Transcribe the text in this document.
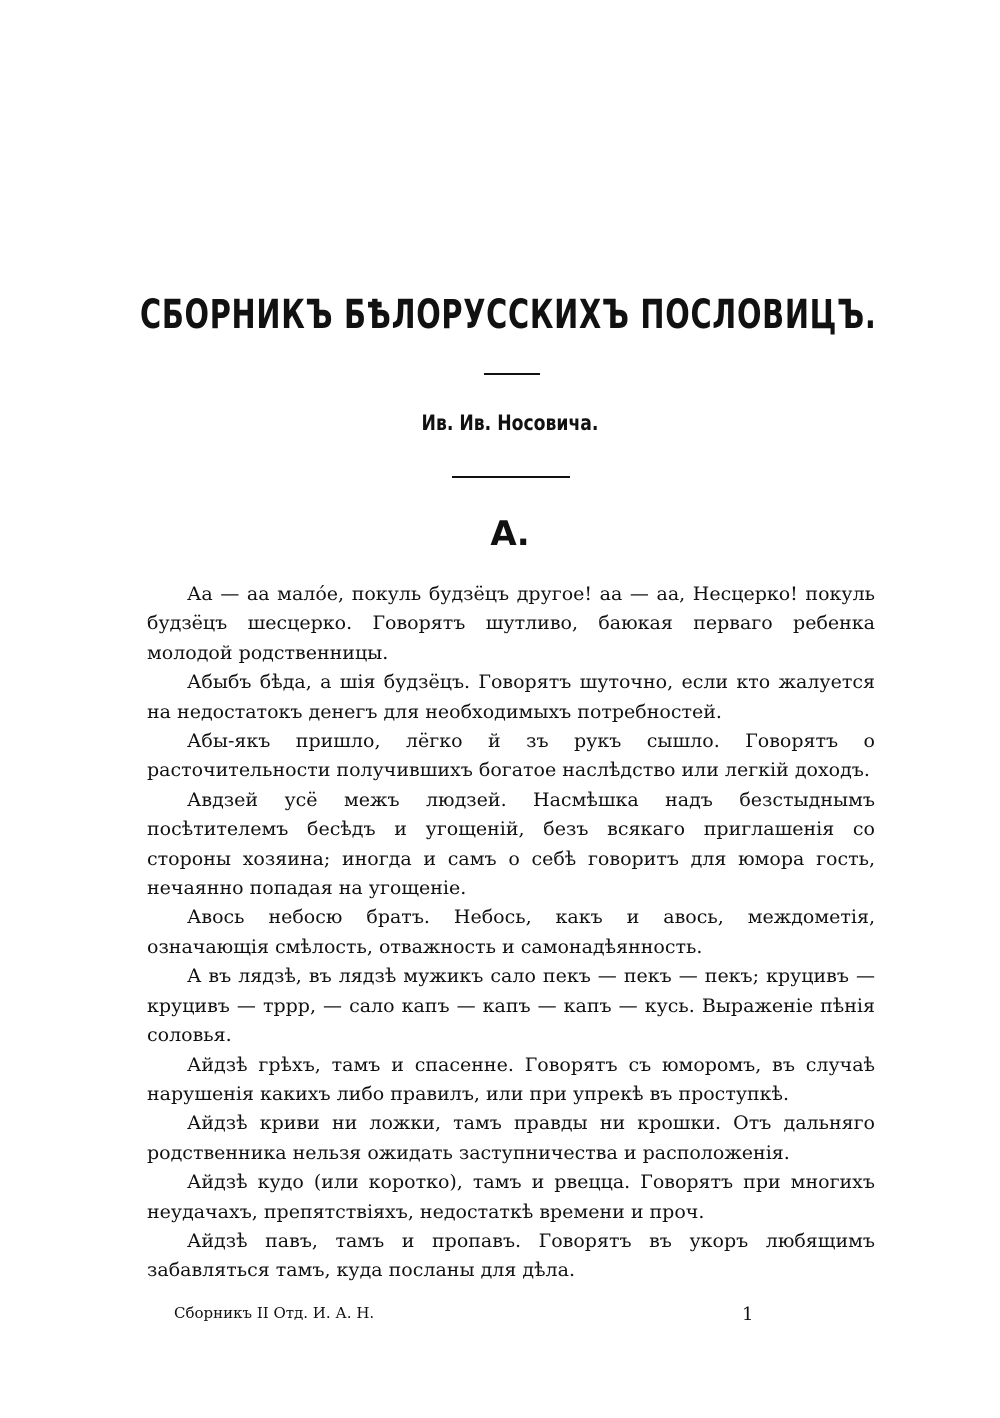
СБОРНИКЪ БѢЛОРУССКИХЪ ПОСЛОВИЦЪ.
Ив. Ив. Носовича.
А.

Аа — аа малóе, покуль будзёцъ другое! аа — аа, Несцерко! покуль будзёцъ шесцерко. Говорятъ шутливо, баюкая перваго ребенка молодой родственницы.

Абыбъ бѣда, а шія будзёцъ. Говорятъ шуточно, если кто жалуется на недостатокъ денегъ для необходимыхъ потребностей.

Абы-якъ пришло, лёгко й зъ рукъ сышло. Говорятъ о расточительности получившихъ богатое наслѣдство или легкій доходъ.

Авдзей усё межъ людзей. Насмѣшка надъ безстыднымъ посѣтителемъ бесѣдъ и угощеній, безъ всякаго приглашенія со стороны хозяина; иногда и самъ о себѣ говоритъ для юмора гость, нечаянно попадая на угощеніе.

Авось небосю братъ. Небось, какъ и авось, междометія, означающія смѣлость, отважность и самонадѣянность.

А въ лядзѣ, въ лядзѣ мужикъ сало пекъ — пекъ — пекъ; круцивъ — круцивъ — тррр, — сало капъ — капъ — капъ — кусь. Выраженіе пѣнія соловья.

Айдзѣ грѣхъ, тамъ и спасенне. Говорятъ съ юморомъ, въ случаѣ нарушенія какихъ либо правилъ, или при упрекѣ въ проступкѣ.

Айдзѣ криви ни ложки, тамъ правды ни крошки. Отъ дальняго родственника нельзя ожидать заступничества и расположенія.

Айдзѣ кудо (или коротко), тамъ и рвецца. Говорятъ при многихъ неудачахъ, препятствіяхъ, недостаткѣ времени и проч.

Айдзѣ павъ, тамъ и пропавъ. Говорятъ въ укоръ любящимъ забавляться тамъ, куда посланы для дѣла.

Сборникъ II Отд. И. А. Н.	1
